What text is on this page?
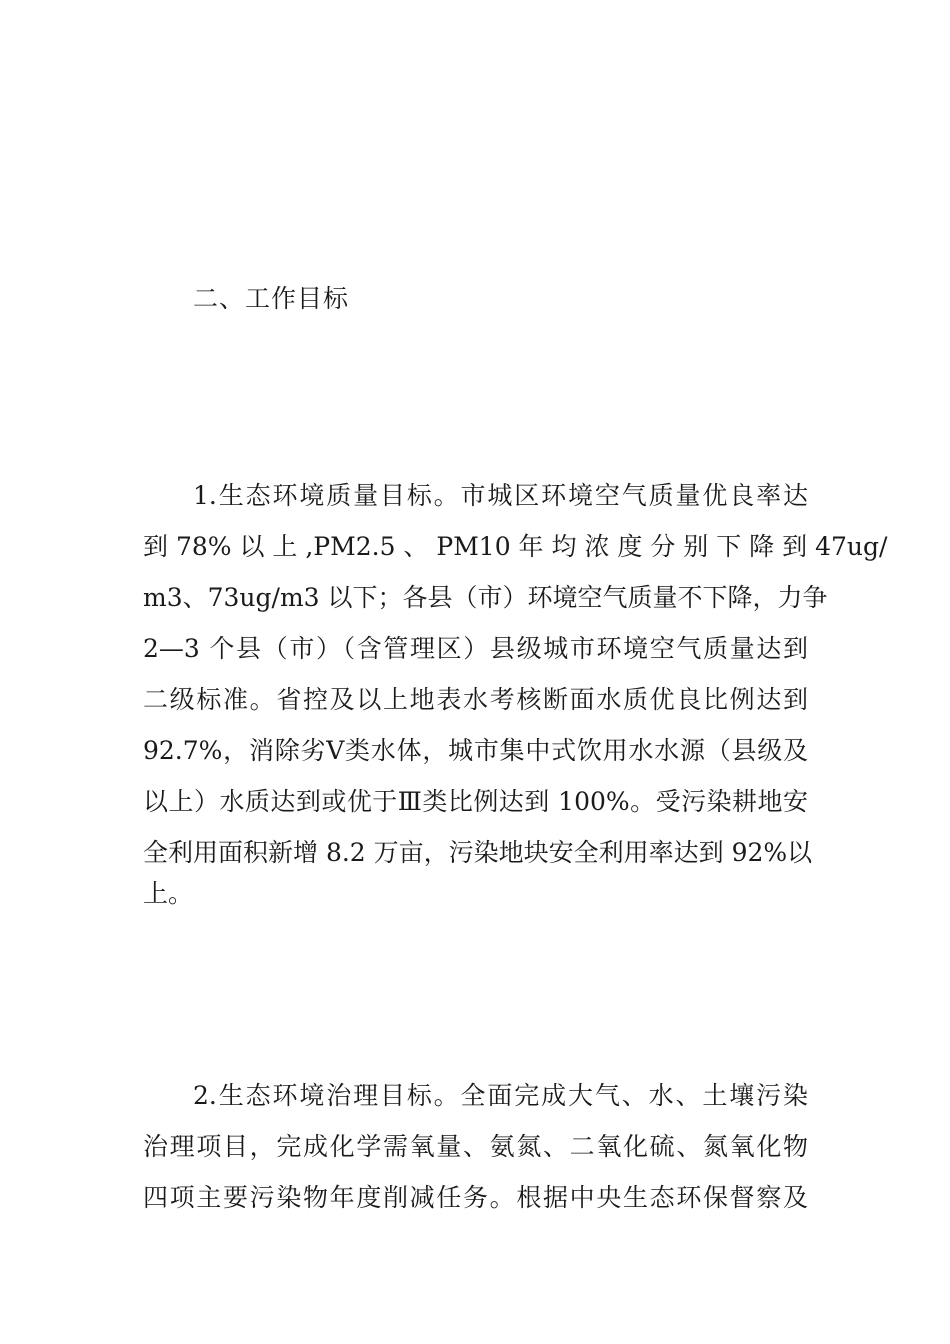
二、工作目标
1.生态环境质量目标。市城区环境空气质量优良率达
到 78% 以 上 ,PM2.5 、 PM10 年 均 浓 度 分 别 下 降 到 47ug/
m3、73ug/m3 以下；各县（市）环境空气质量不下降，力争
2—3 个县（市）（含管理区）县级城市环境空气质量达到
二级标准。省控及以上地表水考核断面水质优良比例达到
92.7%，消除劣Ⅴ类水体，城市集中式饮用水水源（县级及
以上）水质达到或优于Ⅲ类比例达到 100%。受污染耕地安
全利用面积新增 8.2 万亩，污染地块安全利用率达到 92%以
上。
2.生态环境治理目标。全面完成大气、水、土壤污染
治理项目，完成化学需氧量、氨氮、二氧化硫、氮氧化物
四项主要污染物年度削减任务。根据中央生态环保督察及
